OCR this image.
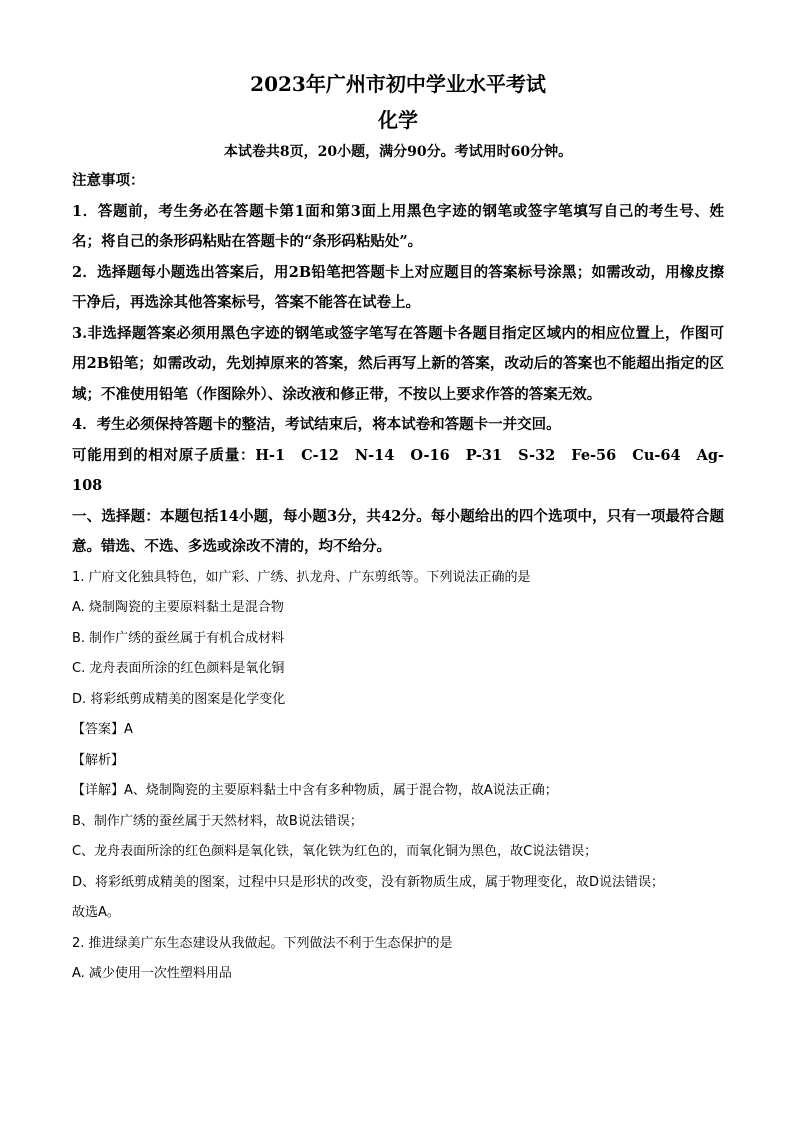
2023年广州市初中学业水平考试
化学

本试卷共8页，20小题，满分90分。考试用时60分钟。

注意事项：

1．答题前，考生务必在答题卡第1面和第3面上用黑色字迹的钢笔或签字笔填写自己的考生号、姓名；将自己的条形码粘贴在答题卡的“条形码粘贴处”。

2．选择题每小题选出答案后，用2B铅笔把答题卡上对应题目的答案标号涂黑；如需改动，用橡皮擦干净后，再选涂其他答案标号，答案不能答在试卷上。

3.非选择题答案必须用黑色字迹的钢笔或签字笔写在答题卡各题目指定区域内的相应位置上，作图可用2B铅笔；如需改动，先划掉原来的答案，然后再写上新的答案，改动后的答案也不能超出指定的区域；不准使用铅笔（作图除外）、涂改液和修正带，不按以上要求作答的答案无效。

4．考生必须保持答题卡的整洁，考试结束后，将本试卷和答题卡一并交回。

可能用到的相对原子质量：H-1　C-12　N-14　O-16　P-31　S-32　Fe-56　Cu-64　Ag-108

一、选择题：本题包括14小题，每小题3分，共42分。每小题给出的四个选项中，只有一项最符合题意。错选、不选、多选或涂改不清的，均不给分。

1. 广府文化独具特色，如广彩、广绣、扒龙舟、广东剪纸等。下列说法正确的是

A. 烧制陶瓷的主要原料黏土是混合物

B. 制作广绣的蚕丝属于有机合成材料

C. 龙舟表面所涂的红色颜料是氧化铜

D. 将彩纸剪成精美的图案是化学变化

【答案】A

【解析】

【详解】A、烧制陶瓷的主要原料黏土中含有多种物质，属于混合物，故A说法正确；

B、制作广绣的蚕丝属于天然材料，故B说法错误；

C、龙舟表面所涂的红色颜料是氧化铁，氧化铁为红色的，而氧化铜为黑色，故C说法错误；

D、将彩纸剪成精美的图案，过程中只是形状的改变，没有新物质生成，属于物理变化，故D说法错误；

故选A。

2. 推进绿美广东生态建设从我做起。下列做法不利于生态保护的是

A. 减少使用一次性塑料用品
